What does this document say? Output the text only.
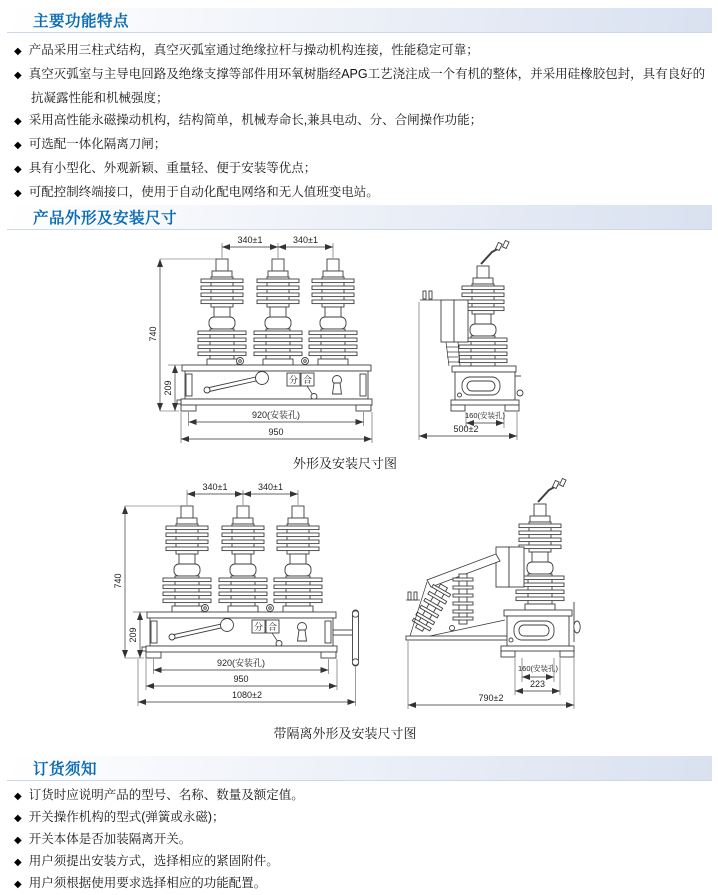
主要功能特点
◆ 产品采用三柱式结构，真空灭弧室通过绝缘拉杆与操动机构连接，性能稳定可靠；
◆ 真空灭弧室与主导电回路及绝缘支撑等部件用环氧树脂经APG工艺浇注成一个有机的整体，并采用硅橡胶包封，具有良好的抗凝露性能和机械强度；
◆ 采用高性能永磁操动机构，结构简单，机械寿命长,兼具电动、分、合闸操作功能；
◆ 可选配一体化隔离刀闸；
◆ 具有小型化、外观新颖、重量轻、便于安装等优点；
◆ 可配控制终端接口，使用于自动化配电网络和无人值班变电站。
产品外形及安装尺寸
分 合
340±1	340±1
740
209
920(安装孔)
950
160(安装孔)
500±2
外形及安装尺寸图
分 合
340±1	340±1
740
209
920(安装孔)
950
1080±2
160(安装孔)
223
790±2
带隔离外形及安装尺寸图
订货须知
◆ 订货时应说明产品的型号、名称、数量及额定值。
◆ 开关操作机构的型式(弹簧或永磁)；
◆ 开关本体是否加装隔离开关。
◆ 用户须提出安装方式，选择相应的紧固附件。
◆ 用户须根据使用要求选择相应的功能配置。
